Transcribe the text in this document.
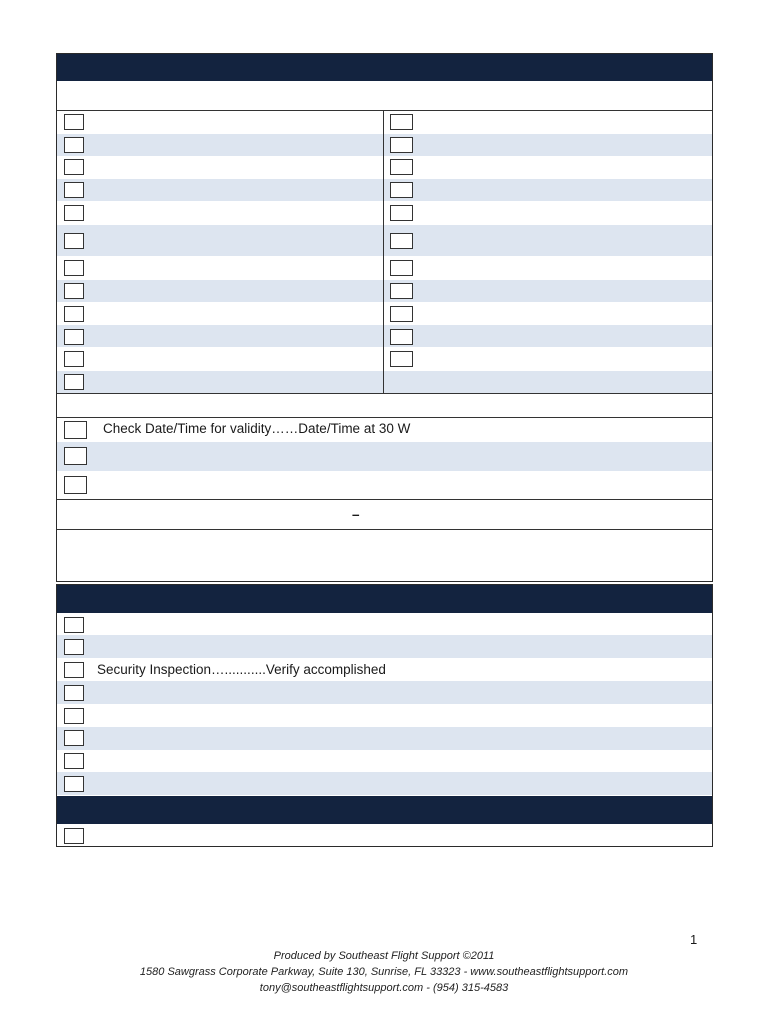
Check Date/Time for validity……Date/Time at 30 W
–
Security Inspection…...........Verify accomplished
1
Produced by Southeast Flight Support ©2011
1580 Sawgrass Corporate Parkway, Suite 130, Sunrise, FL 33323 - www.southeastflightsupport.com
tony@southeastflightsupport.com - (954) 315-4583
